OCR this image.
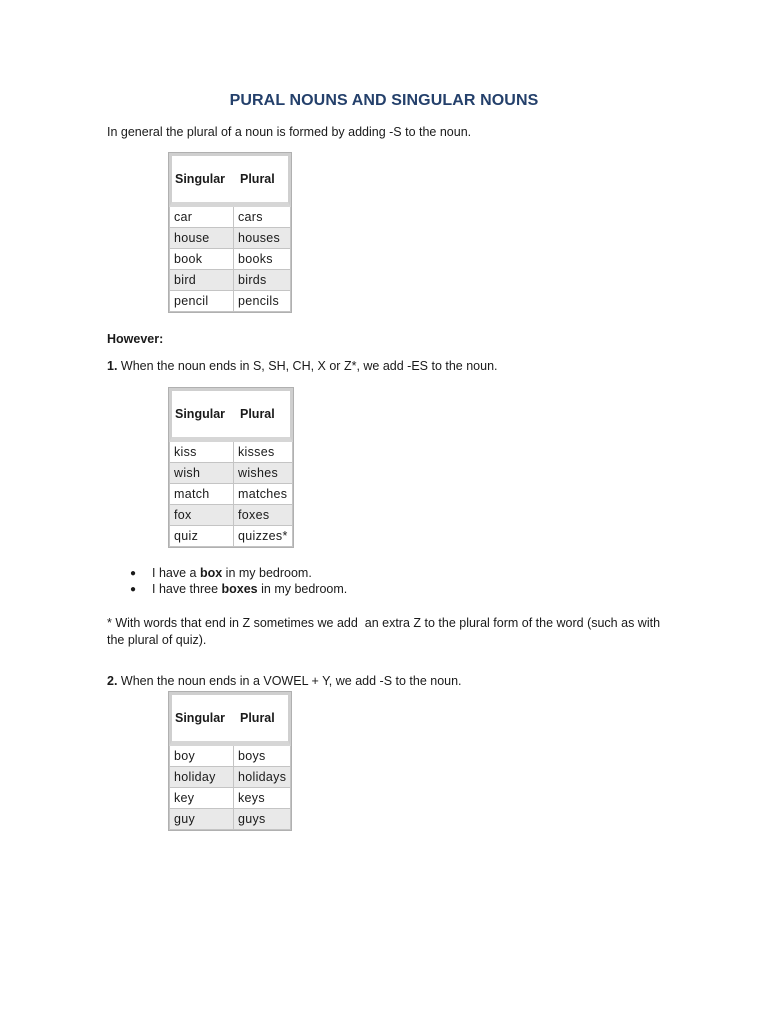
PURAL NOUNS AND SINGULAR NOUNS
In general the plural of a noun is formed by adding -S to the noun.
Singular	Plural
car	cars
house	houses
book	books
bird	birds
pencil	pencils
However:
1. When the noun ends in S, SH, CH, X or Z*, we add -ES to the noun.
Singular	Plural
kiss	kisses
wish	wishes
match	matches
fox	foxes
quiz	quizzes*
● I have a box in my bedroom.
● I have three boxes in my bedroom.
* With words that end in Z sometimes we add  an extra Z to the plural form of the word (such as with the plural of quiz).
2. When the noun ends in a VOWEL + Y, we add -S to the noun.
Singular	Plural
boy	boys
holiday	holidays
key	keys
guy	guys
